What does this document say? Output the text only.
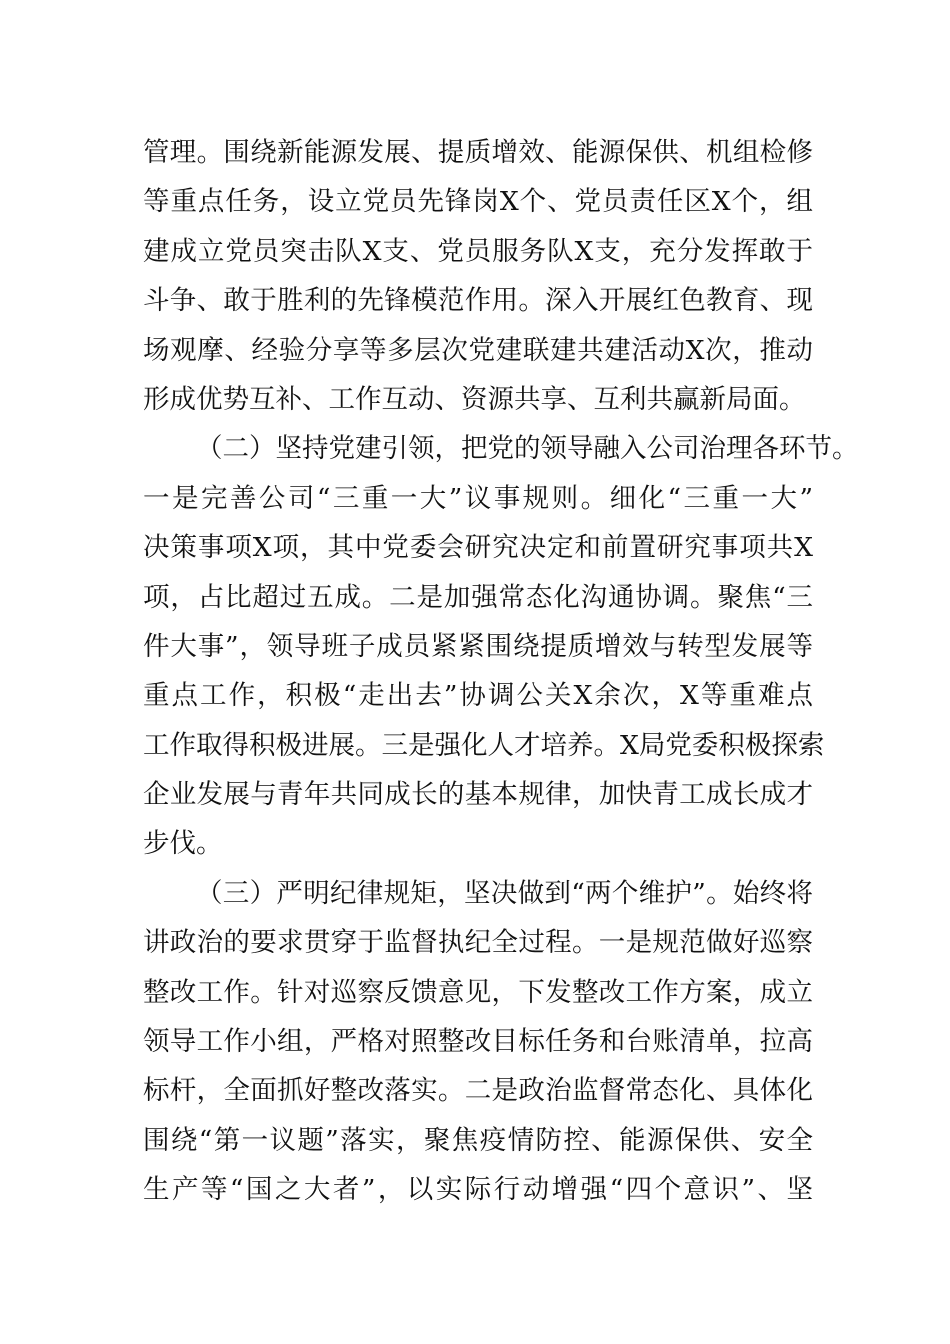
管理。围绕新能源发展、提质增效、能源保供、机组检修
等重点任务，设立党员先锋岗X个、党员责任区X个，组
建成立党员突击队X支、党员服务队X支，充分发挥敢于
斗争、敢于胜利的先锋模范作用。深入开展红色教育、现
场观摩、经验分享等多层次党建联建共建活动X次，推动
形成优势互补、工作互动、资源共享、互利共赢新局面。
（二）坚持党建引领，把党的领导融入公司治理各环节。
一是完善公司“三重一大”议事规则。细化“三重一大”
决策事项X项，其中党委会研究决定和前置研究事项共X
项，占比超过五成。二是加强常态化沟通协调。聚焦“三
件大事”，领导班子成员紧紧围绕提质增效与转型发展等
重点工作，积极“走出去”协调公关X余次，X等重难点
工作取得积极进展。三是强化人才培养。X局党委积极探索
企业发展与青年共同成长的基本规律，加快青工成长成才
步伐。
（三）严明纪律规矩，坚决做到“两个维护”。始终将
讲政治的要求贯穿于监督执纪全过程。一是规范做好巡察
整改工作。针对巡察反馈意见，下发整改工作方案，成立
领导工作小组，严格对照整改目标任务和台账清单，拉高
标杆，全面抓好整改落实。二是政治监督常态化、具体化
围绕“第一议题”落实，聚焦疫情防控、能源保供、安全
生产等“国之大者”，以实际行动增强“四个意识”、坚
